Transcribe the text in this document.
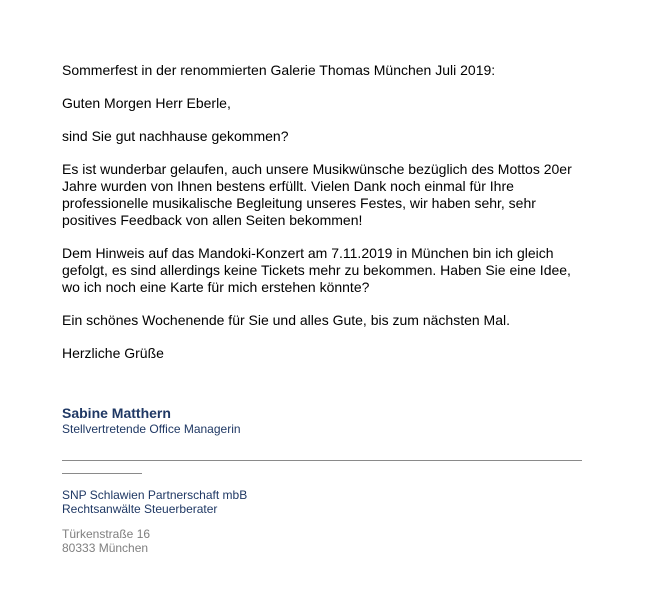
Sommerfest in der renommierten Galerie Thomas München Juli 2019:

Guten Morgen Herr Eberle,

sind Sie gut nachhause gekommen?

Es ist wunderbar gelaufen, auch unsere Musikwünsche bezüglich des Mottos 20er Jahre wurden von Ihnen bestens erfüllt. Vielen Dank noch einmal für Ihre professionelle musikalische Begleitung unseres Festes, wir haben sehr, sehr positives Feedback von allen Seiten bekommen!

Dem Hinweis auf das Mandoki-Konzert am 7.11.2019 in München bin ich gleich gefolgt, es sind allerdings keine Tickets mehr zu bekommen. Haben Sie eine Idee, wo ich noch eine Karte für mich erstehen könnte?

Ein schönes Wochenende für Sie und alles Gute, bis zum nächsten Mal.

Herzliche Grüße

Sabine Matthern
Stellvertretende Office Managerin
SNP Schlawien Partnerschaft mbB
Rechtsanwälte Steuerberater
Türkenstraße 16
80333 München
